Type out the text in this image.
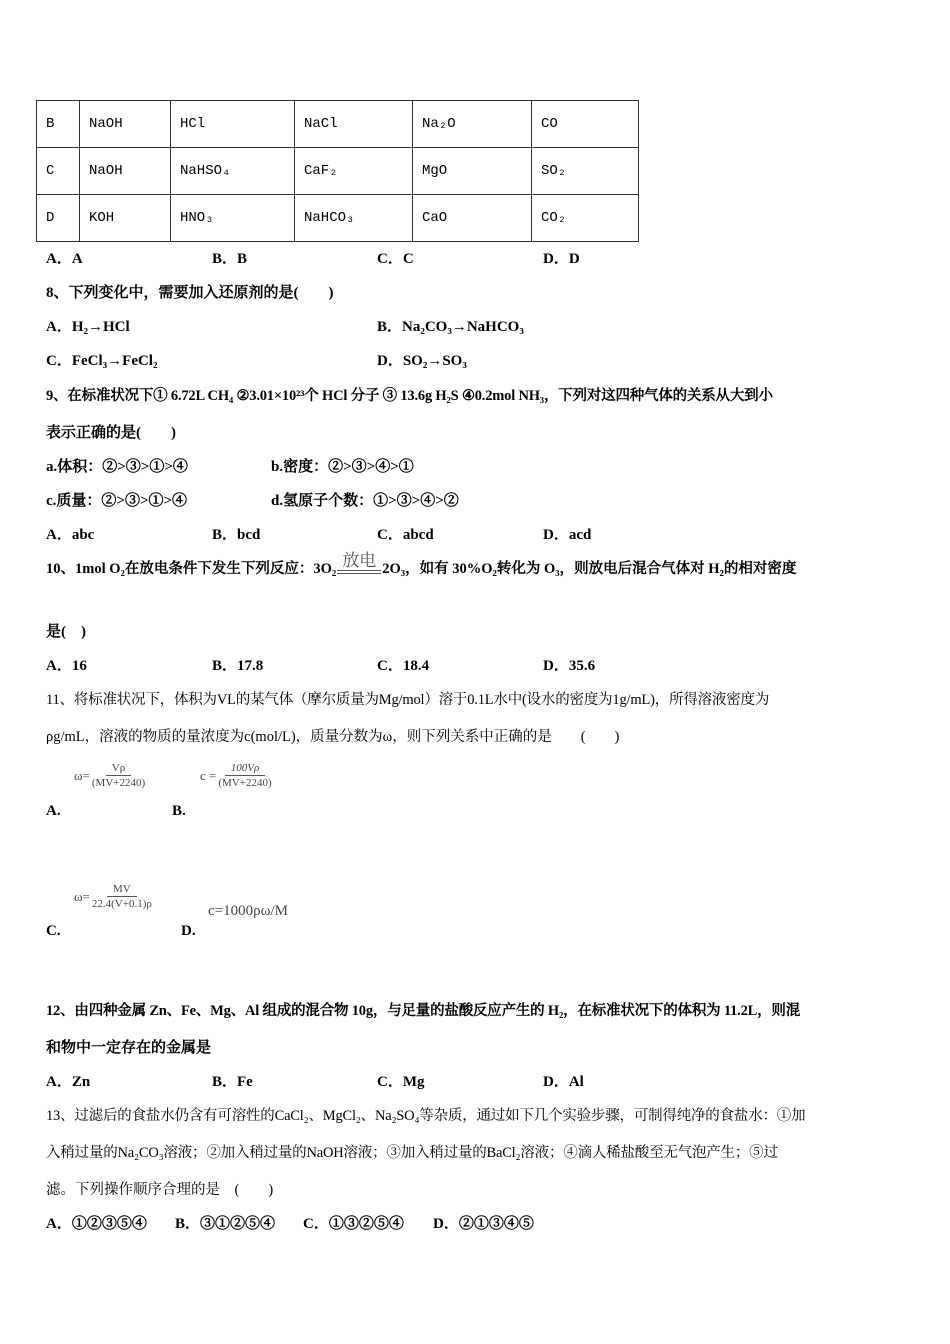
B	NaOH	HCl	NaCl	Na₂O	CO
C	NaOH	NaHSO₄	CaF₂	MgO	SO₂
D	KOH	HNO₃	NaHCO₃	CaO	CO₂
A．A	B．B	C．C	D．D
8、下列变化中，需要加入还原剂的是(　　)
A．H₂→HCl	B．Na₂CO₃→NaHCO₃
C．FeCl₃→FeCl₂	D．SO₂→SO₃
9、在标准状况下① 6.72L CH₄ ②3.01×10²³个 HCl 分子 ③ 13.6g H₂S ④0.2mol NH₃，下列对这四种气体的关系从大到小
表示正确的是(　　)
a.体积：②>③>①>④	b.密度：②>③>④>①
c.质量：②>③>①>④	d.氢原子个数：①>③>④>②
A．abc	B．bcd	C．abcd	D．acd
10、1mol O₂在放电条件下发生下列反应：3O₂ 放电 2O₃，如有 30%O₂转化为 O₃，则放电后混合气体对 H₂的相对密度
是(　)
A．16	B．17.8	C．18.4	D．35.6
11、将标准状况下，体积为VL的某气体（摩尔质量为Mg/mol）溶于0.1L水中(设水的密度为1g/mL)，所得溶液密度为
ρg/mL，溶液的物质的量浓度为c(mol/L)，质量分数为ω，则下列关系中正确的是　　(　　)
$\omega= \frac{V\rho}{(MV+2240)}$	$c = \frac{100V\rho}{(MV+2240)}$
A.	B.
$\omega= \frac{MV}{22.4(V+0.1)\rho}$
c=1000ρω/M
C.	D.
12、由四种金属 Zn、Fe、Mg、Al 组成的混合物 10g，与足量的盐酸反应产生的 H₂，在标准状况下的体积为 11.2L，则混
和物中一定存在的金属是
A．Zn	B．Fe	C．Mg	D．Al
13、过滤后的食盐水仍含有可溶性的CaCl₂、MgCl₂、Na₂SO₄等杂质，通过如下几个实验步骤，可制得纯净的食盐水：①加
入稍过量的Na₂CO₃溶液；②加入稍过量的NaOH溶液；③加入稍过量的BaCl₂溶液；④滴人稀盐酸至无气泡产生；⑤过
滤。下列操作顺序合理的是　(　　)
A．①②③⑤④ B．③①②⑤④ C．①③②⑤④ D．②①③④⑤
